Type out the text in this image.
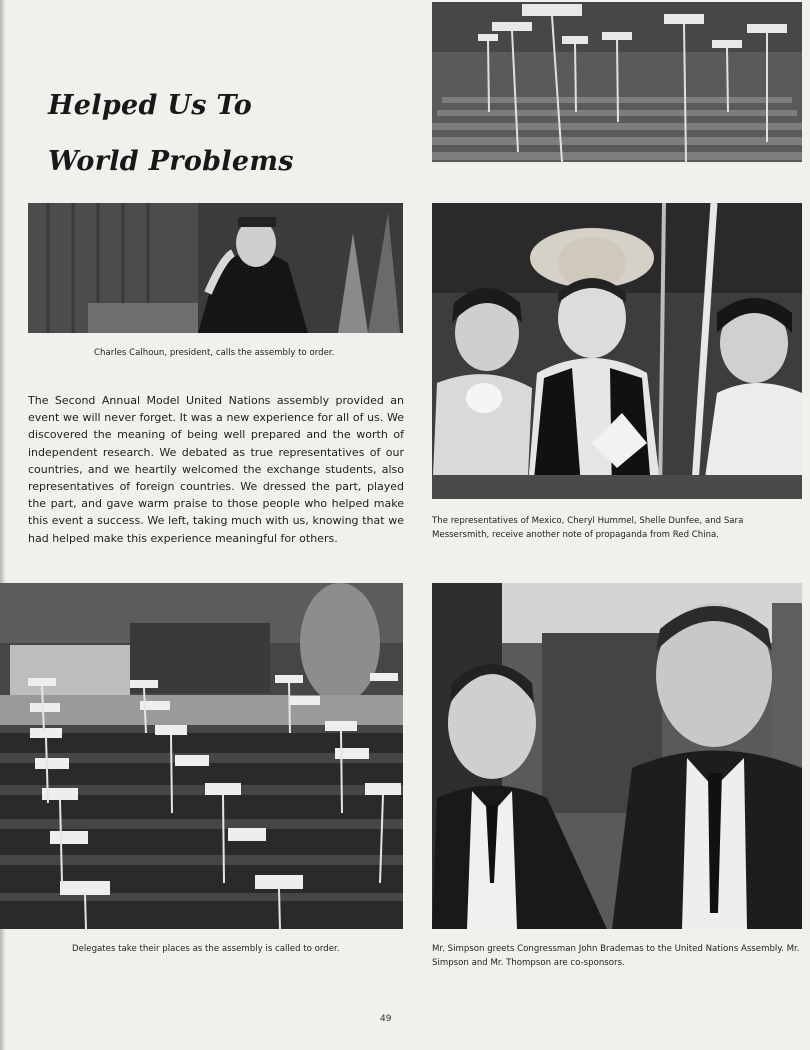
Helped Us To
World Problems
Charles Calhoun, president, calls the assembly to order.
The representatives of Mexico, Cheryl Hummel, Shelle Dunfee, and Sara Messersmith, receive another note of propaganda from Red China.
The Second Annual Model United Nations assembly provided an event we will never forget. It was a new experience for all of us. We discovered the meaning of being well prepared and the worth of independent research. We debated as true representatives of our countries, and we heartily welcomed the exchange students, also representatives of foreign countries. We dressed the part, played the part, and gave warm praise to those people who helped make this event a success. We left, taking much with us, knowing that we had helped make this experience meaningful for others.
Delegates take their places as the assembly is called to order.	Mr. Simpson greets Congressman John Brademas to the United Nations Assembly. Mr. Simpson and Mr. Thompson are co-sponsors.
49
